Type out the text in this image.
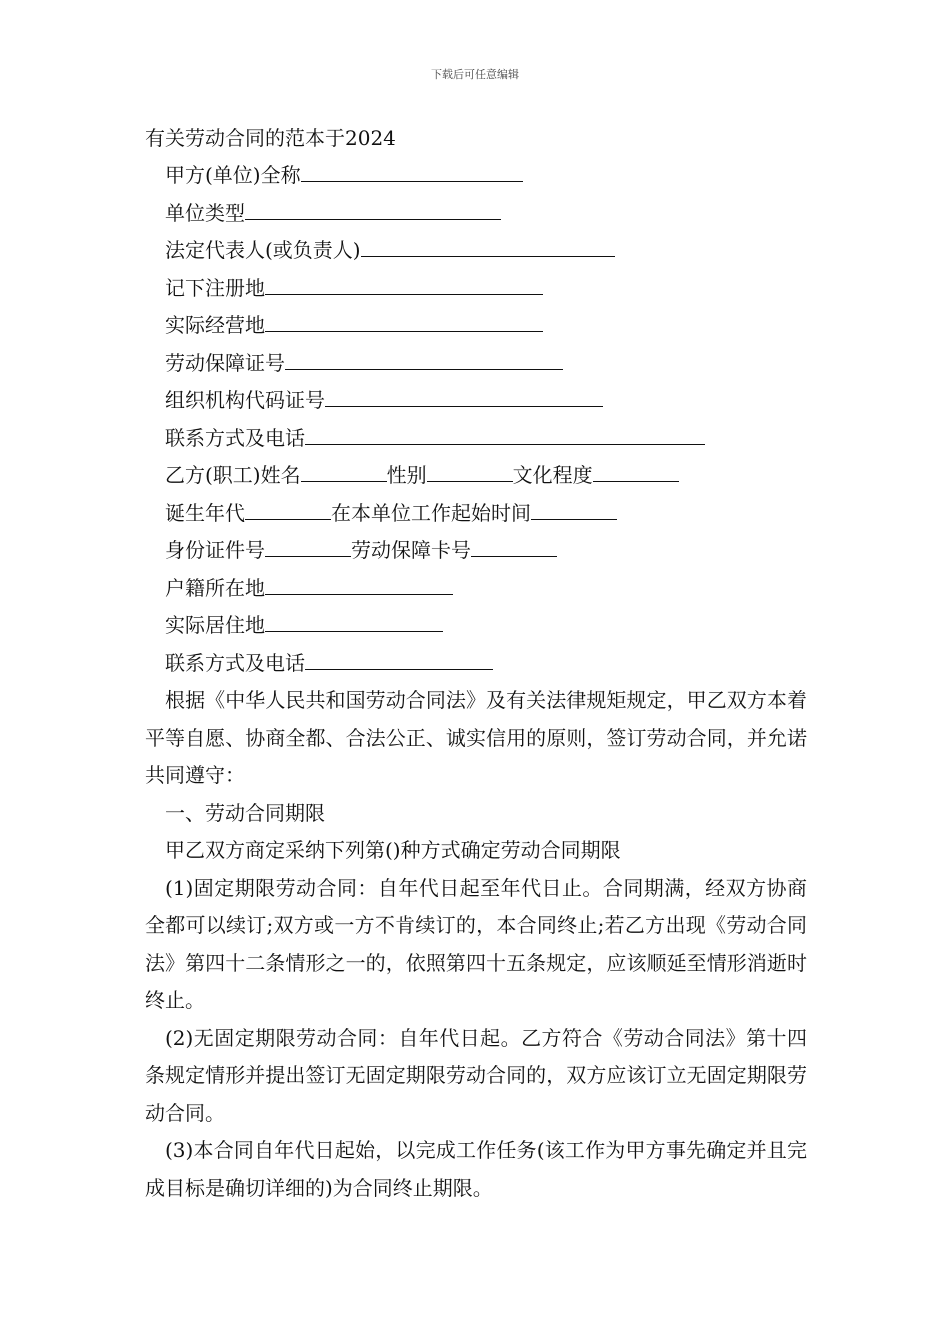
下载后可任意编辑
有关劳动合同的范本于2024
甲方(单位)全称
单位类型
法定代表人(或负责人)
记下注册地
实际经营地
劳动保障证号
组织机构代码证号
联系方式及电话
乙方(职工)姓名	性别	文化程度
诞生年代	在本单位工作起始时间
身份证件号	劳动保障卡号
户籍所在地
实际居住地
联系方式及电话

根据《中华人民共和国劳动合同法》及有关法律规矩规定，甲乙双方本着平等自愿、协商全都、合法公正、诚实信用的原则，签订劳动合同，并允诺共同遵守：

一、劳动合同期限
甲乙双方商定采纳下列第()种方式确定劳动合同期限

(1)固定期限劳动合同：自年代日起至年代日止。合同期满，经双方协商全都可以续订;双方或一方不肯续订的，本合同终止;若乙方出现《劳动合同法》第四十二条情形之一的，依照第四十五条规定，应该顺延至情形消逝时终止。

(2)无固定期限劳动合同：自年代日起。乙方符合《劳动合同法》第十四条规定情形并提出签订无固定期限劳动合同的，双方应该订立无固定期限劳动合同。

(3)本合同自年代日起始，以完成工作任务(该工作为甲方事先确定并且完成目标是确切详细的)为合同终止期限。
